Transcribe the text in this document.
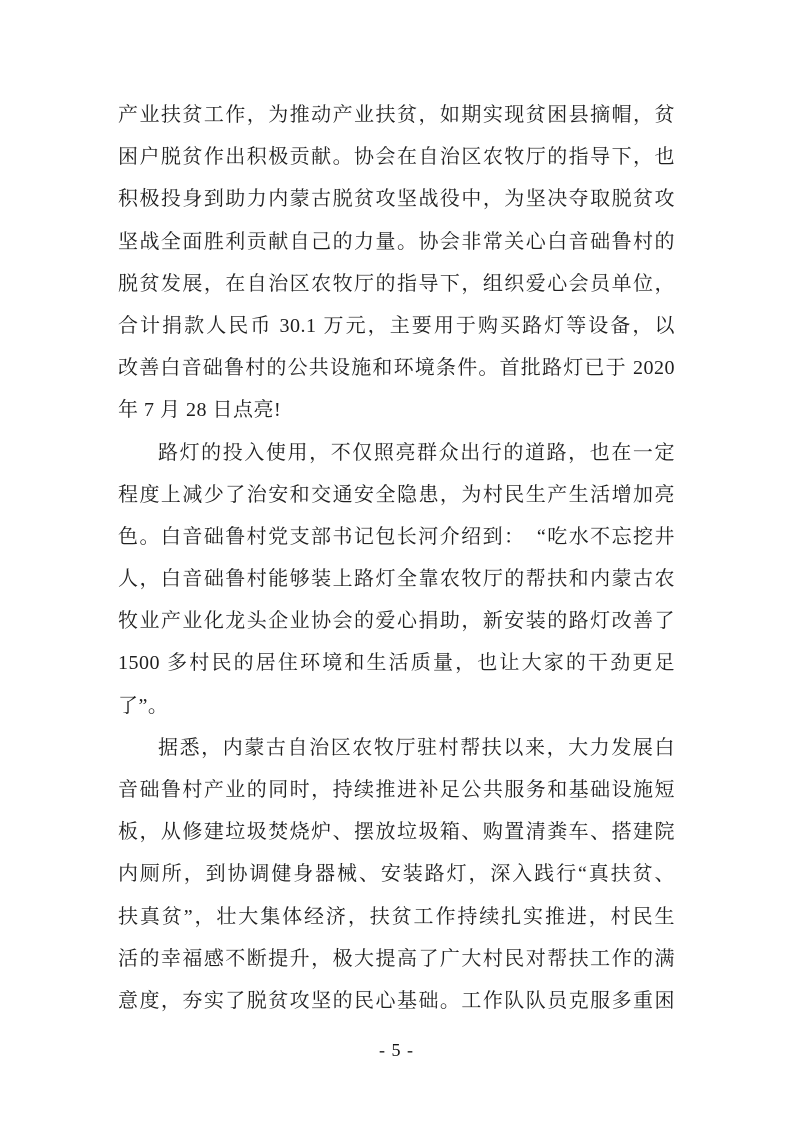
产业扶贫工作，为推动产业扶贫，如期实现贫困县摘帽，贫
困户脱贫作出积极贡献。协会在自治区农牧厅的指导下，也
积极投身到助力内蒙古脱贫攻坚战役中，为坚决夺取脱贫攻
坚战全面胜利贡献自己的力量。协会非常关心白音础鲁村的
脱贫发展，在自治区农牧厅的指导下，组织爱心会员单位，
合计捐款人民币 30.1 万元，主要用于购买路灯等设备，以
改善白音础鲁村的公共设施和环境条件。首批路灯已于 2020
年 7 月 28 日点亮!
路灯的投入使用，不仅照亮群众出行的道路，也在一定
程度上减少了治安和交通安全隐患，为村民生产生活增加亮
色。白音础鲁村党支部书记包长河介绍到：　“吃水不忘挖井
人，白音础鲁村能够装上路灯全靠农牧厅的帮扶和内蒙古农
牧业产业化龙头企业协会的爱心捐助，新安装的路灯改善了
1500 多村民的居住环境和生活质量，也让大家的干劲更足
了”。
据悉，内蒙古自治区农牧厅驻村帮扶以来，大力发展白
音础鲁村产业的同时，持续推进补足公共服务和基础设施短
板，从修建垃圾焚烧炉、摆放垃圾箱、购置清粪车、搭建院
内厕所，到协调健身器械、安装路灯，深入践行“真扶贫、
扶真贫”，壮大集体经济，扶贫工作持续扎实推进，村民生
活的幸福感不断提升，极大提高了广大村民对帮扶工作的满
意度，夯实了脱贫攻坚的民心基础。工作队队员克服多重困
- 5 -
